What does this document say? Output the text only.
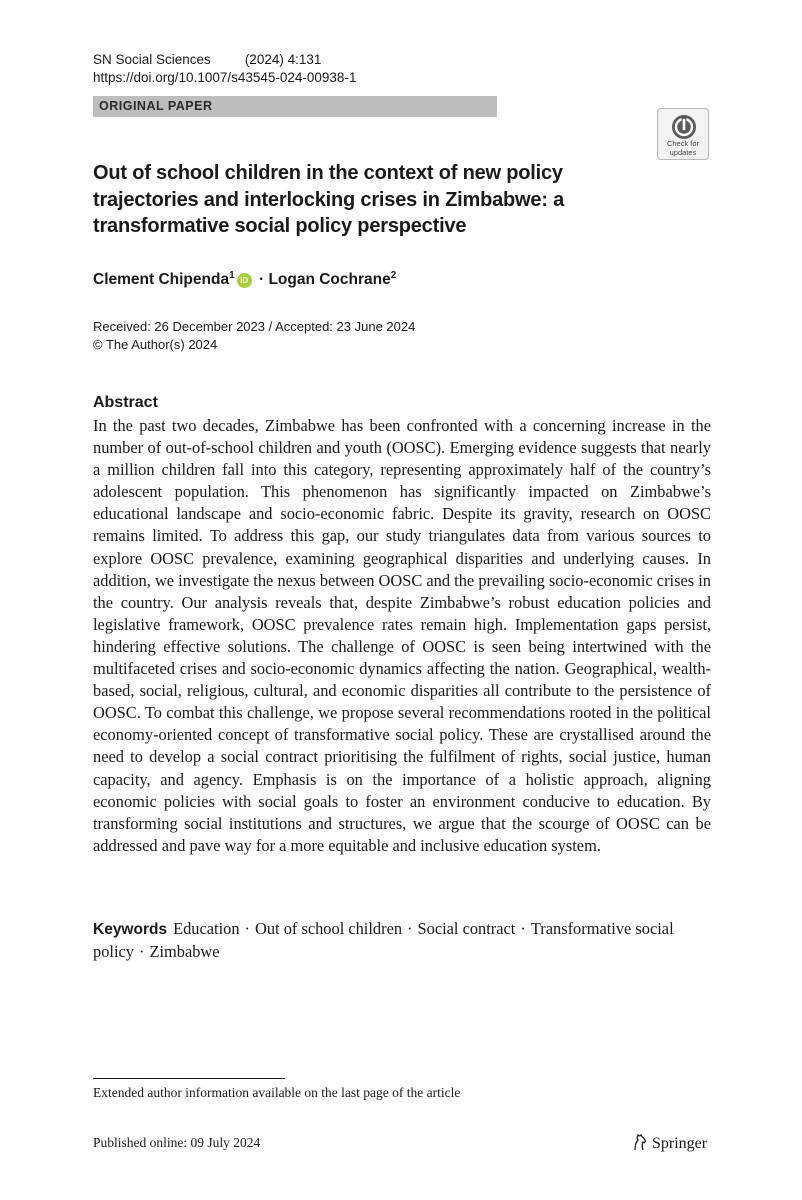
SN Social Sciences	(2024) 4:131
https://doi.org/10.1007/s43545-024-00938-1
ORIGINAL PAPER
Check for
updates
Out of school children in the context of new policy trajectories and interlocking crises in Zimbabwe: a transformative social policy perspective
Clement Chipenda$^1$ iD · Logan Cochrane$^2$
Received: 26 December 2023 / Accepted: 23 June 2024
© The Author(s) 2024
Abstract
In the past two decades, Zimbabwe has been confronted with a concerning increase in the number of out-of-school children and youth (OOSC). Emerging evidence suggests that nearly a million children fall into this category, representing approximately half of the country’s adolescent population. This phenomenon has significantly impacted on Zimbabwe’s educational landscape and socio-economic fabric. Despite its gravity, research on OOSC remains limited. To address this gap, our study triangulates data from various sources to explore OOSC prevalence, examining geographical disparities and underlying causes. In addition, we investigate the nexus between OOSC and the prevailing socio-economic crises in the country. Our analysis reveals that, despite Zimbabwe’s robust education policies and legislative framework, OOSC prevalence rates remain high. Implementation gaps persist, hindering effective solutions. The challenge of OOSC is seen being intertwined with the multifaceted crises and socio-economic dynamics affecting the nation. Geographical, wealth-based, social, religious, cultural, and economic disparities all contribute to the persistence of OOSC. To combat this challenge, we propose several recommendations rooted in the political economy-oriented concept of transformative social policy. These are crystallised around the need to develop a social contract prioritising the fulfilment of rights, social justice, human capacity, and agency. Emphasis is on the importance of a holistic approach, aligning economic policies with social goals to foster an environment conducive to education. By transforming social institutions and structures, we argue that the scourge of OOSC can be addressed and pave way for a more equitable and inclusive education system.
Keywords Education · Out of school children · Social contract · Transformative social policy · Zimbabwe
Extended author information available on the last page of the article
Published online: 09 July 2024	Springer
